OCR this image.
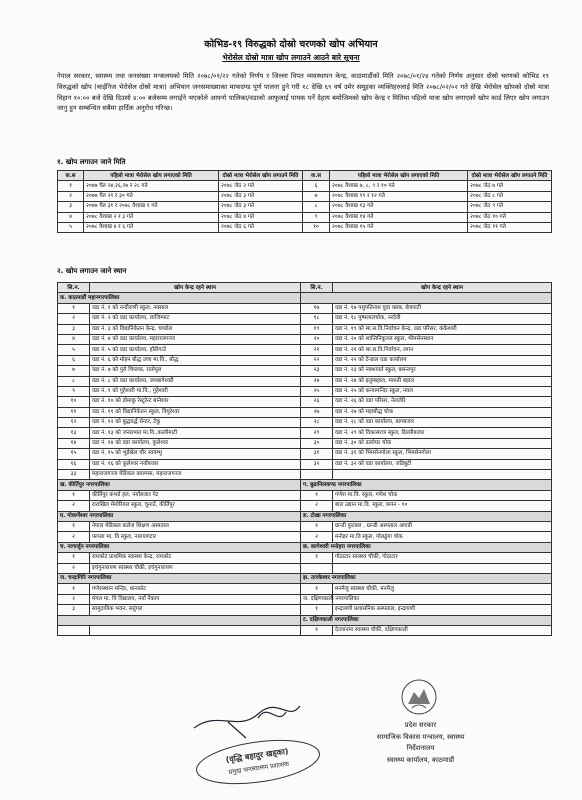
कोभिड-१९ विरुद्धको दोस्रो चरणको खोप अभियान
भेरोसेल दोस्रो मात्रा खोप लगाउने आउने बारे सूचना
नेपाल सरकार, स्वास्थ्य तथा जनसंख्या मन्त्रालयको मिति २०७८/०१/२२ गतेको निर्णय र जिल्ला विपत व्यवस्थापन केन्द्र, काठमाडौंको मिति २०७८/०१/२४ गतेको निर्णय अनुसार दोस्रो चरणको कोभिड १९ विरुद्धको खोप (चाईनिज भेरोसेल दोस्रो मात्रा) अभियान जनसमाख्याका माफदण्ड पूर्ण पालना हुने गरी १८ देखि ६९ वर्ष उमेर समूहका व्यक्तिहरुलाई मिति २०७८/०२/०२ गते देखि भेरोसेल खोपको दोस्रो मात्रा विहान १०:०० बजे देखि दिउसो ४:०० बजेसम्म लगाईने भएकोले आफ्नो पालिका/वडाको आफुलाई पायक पर्ने देहाय बमोजिमको खोप केन्द्र र मितिमा पहिलो मात्रा खोप लगाएको खोप कार्ड लिएर खोप लगाउन जानु हुन सम्बन्धित सबैमा हार्दिक अनुरोध गरिन्छ।
१. खोप लगाउन जाने मिति
क.स	पहिलो मात्रा भेरोसेल खोप लगाएको मिति	दोस्रो मात्रा भेरोसेल खोप लगाउने मिति	क.स	पहिलो मात्रा भेरोसेल खोप लगाएको मिति	दोस्रो मात्रा भेरोसेल खोप लगाउने मिति
१	२०७७ चैत २४,२६,२७ र २८ गते	२०७८ जेठ २ गते	६	२०७८ वैशाख ७, ८, ९ र १० गते	२०७८ जेठ ७ गते
२	२०७७ चैत २९ र ३० गते	२०७८ जेठ ३ गते	७	२०७८ वैशाख ११ र १२ गते	२०७८ जेठ ८ गते
३	२०७७ चैत ३१ र २०७८ वैशाख १ गते	२०७८ जेठ ३ गते	८	२०७८ वैशाख १३ गते	२०७८ जेठ ९ गते
४	२०७८ वैशाख २ र ३ गते	२०७८ जेठ ४ गते	९	२०७८ वैशाख १४ गते	२०७८ जेठ १० गते
५	२०७८ वैशाख ४ र ६ गते	२०७८ जेठ ६ गते	१०	२०७८ वैशाख १५ गते	२०७८ जेठ ११ गते
२. खोप लगाउन जाने स्थान
सि.न.	खोप केन्द्र रहने स्थान	सि.न.	खोप केन्द्र रहने स्थान
क. काठमाडौं महानगरपालिका			
१	वडा नं. १ को नन्दीराणी स्कुल, नक्साल	१७	वडा नं. १७ पशुपतिनाथ युवा क्लब, छेत्रपाटी
२	वडा नं. २ को वडा कार्यालय, लाजिम्पाट	१८	वडा नं. १८ पुष्पलालचोक, नरदेवी
३	वडा नं. ३ को विद्यानिकेतन केन्द्र, चण्डोल	१९	वडा नं. १९ को सा.स.वि.निर्वाचन केन्द्र, वडा परिसर, कंकेश्वरी
४	वडा नं. ४ को वडा कार्यालय, महाराजगञ्ज	२०	वडा नं. २० को शान्तिनिकुञ्ज स्कुल, भीमसेनस्थान
५	वडा नं. ५ को वडा कार्यालय, हाँडीगाउँ	२१	वडा नं. २१ को सा.स.वि.निर्वाचन, लगन
६	वडा नं. ६ को मोहन बौद्ध उच्च मा.वि., बौद्ध	२२	वडा नं. २२ को टेन्डाल वडा कार्यालय
७	वडा नं. ७ को पुरो चिप्लक, रातोपुल	२३	वडा नं. २३ को नक्शावर्त स्कुल, बसन्तपुर
८	वडा नं. ८ को वडा कार्यालय, जयबागेश्वरी	२४	वडा नं. २४ को इलुम्बहाल, मारुती बहाल
९	वडा नं. ९ को गुहेश्वरी मा.वि., गुहेश्वरी	२५	वडा नं. २५ को कन्यामन्दिर स्कुल, नघल
१०	वडा नं. १० को डोमाकु रेस्टुरेन्ट बानेश्वर	२६	वडा नं. २६ को वडा परिसर, नेलजेरि
११	वडा नं. ११ को विद्यानिकेतन स्कुल, त्रिपुरेश्वर	२७	वडा नं. २७ को महाबौद्ध चोक
१२	वडा नं. १२ को बुद्धवर्द्ध सेन्टर, टेकु	२८	वडा नं. २८ को वडा कार्यालय, बागबजार
१३	वडा नं. १३ को जनप्रभात मा.वि.,कालीमाटी	२९	वडा नं. २९ को विकासरात्र स्कुल, डिल्लीबजार
१४	वडा नं. १४ को वडा कार्यालय, कुलेश्वर	३०	वडा नं. ३० को डल्लेघर चोक
१५	वडा नं. १५ को भुईखेल चौर स्वयम्भु	३१	वडा नं. ३१ को भिमसेनगोला स्कुल, भिमसेनगोला
१६	वडा नं. १६ को कुलेश्वर नयाँबजार	३२	वडा नं. ३२ को वडा कार्यालय, जडिबुटी
३३	महाराजगञ्ज मेडिकल क्याम्पस, महाराजगञ्ज		
ख. कीर्तिपुर नगरपालिका		ग. बुढानिलकण्ठ नगरपालिका	
१	कीर्तिपुर कभर्ड हल, नयाँबजार गेट	१	गणेश मा.वि. स्कुल, गणेश चोक
२	राराखिल मेमोरियल स्कुल, चुनाउँ, कीर्तिपुर	२	बाल उद्यान मा.वि. स्कुल, कपन - १०
घ. गोकर्णेश्वर नगरपालिका		ङ. टोखा नगरपालिका	
१	नेपाल मेडिकल कलेज शिक्षण अस्पताल	१	ग्रान्डी फुटबल , ग्रान्डी अस्पताल अगाडी
२	फाप्ला मा. वि स्कुल, नारायणटार	२	मनोहर मा.वि स्कुल, गोलढुंगा चोक
च. नागार्जुन नगरपालिका		छ. कागेश्वरी मनोहरा नगरपालिका	
१	रामकोट प्राथमिक स्वास्थ्य केन्द्र, रामकोट	१	गोठाटार स्वास्थ्य चौकी, गोठाटार
२	इचंगुनारायण स्वास्थ्य चौकी, इचंगुनारायण		
ज. चन्द्रागिरि नगरपालिका		झ. तारकेश्वर नगरपालिका	
१	गणेशस्थान मन्दिर, थानकोट	१	मनमैजु स्वास्थ्य चौकी, मनमैजु
२	मंगल मा. वि विद्यालय, नयाँ नैकाप	ञ. दक्षिणकाली नगरपालिका	
३	सामुदायिक भवन, सतुंगल	१	इन्द्रायणी प्रशासनिक अस्पताल, इन्द्रायणी
		ट. दक्षिणकाली नगरपालिका	
		१	देउपानमा स्वास्थ्य चौकी, दक्षिणकाली
(वृद्धि बहादुर खड्का)
प्रमुख जनस्वास्थ्य प्रशासक
प्रदेश सरकार
सामाजिक विकास मन्त्रालय, स्वास्थ्य
निर्देशनालय
स्वास्थ्य कार्यालय, काठमाडौं
